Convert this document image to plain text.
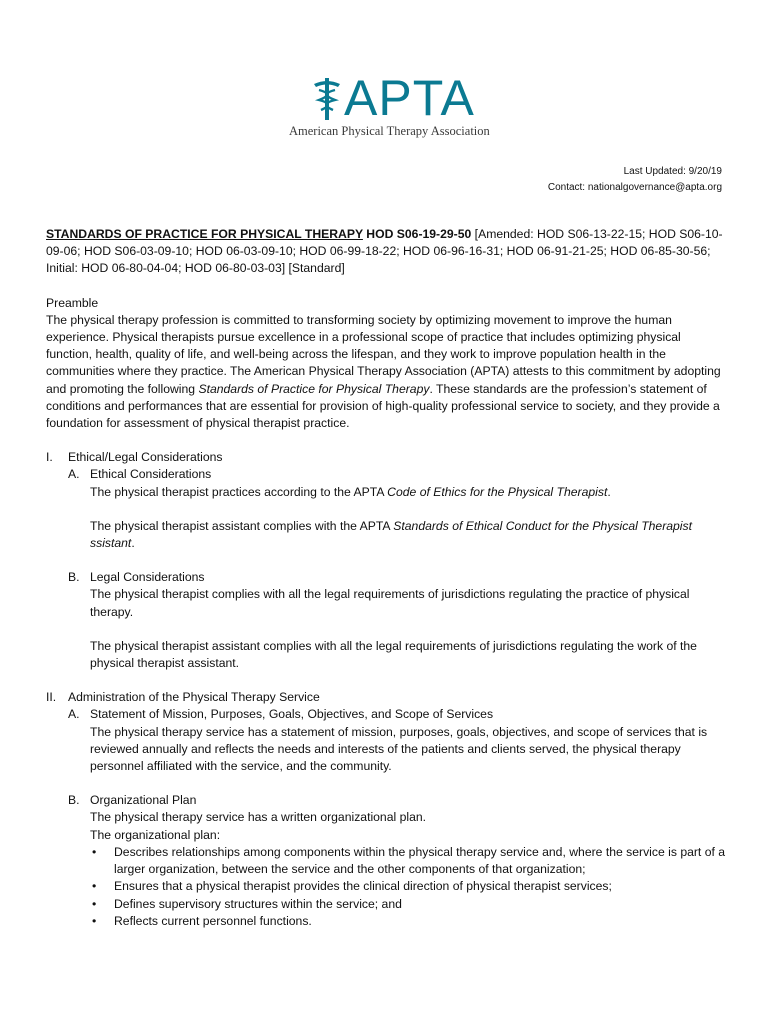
APTA
American Physical Therapy Association
Last Updated: 9/20/19
Contact: nationalgovernance@apta.org

STANDARDS OF PRACTICE FOR PHYSICAL THERAPY HOD S06-19-29-50 [Amended: HOD S06-13-22-15; HOD S06-10-09-06; HOD S06-03-09-10; HOD 06-03-09-10; HOD 06-99-18-22; HOD 06-96-16-31; HOD 06-91-21-25; HOD 06-85-30-56; Initial: HOD 06-80-04-04; HOD 06-80-03-03] [Standard]

Preamble

The physical therapy profession is committed to transforming society by optimizing movement to improve the human experience. Physical therapists pursue excellence in a professional scope of practice that includes optimizing physical function, health, quality of life, and well-being across the lifespan, and they work to improve population health in the communities where they practice. The American Physical Therapy Association (APTA) attests to this commitment by adopting and promoting the following Standards of Practice for Physical Therapy. These standards are the profession’s statement of conditions and performances that are essential for provision of high-quality professional service to society, and they provide a foundation for assessment of physical therapist practice.

I.	Ethical/Legal Considerations
A. Ethical Considerations

The physical therapist practices according to the APTA Code of Ethics for the Physical Therapist.

The physical therapist assistant complies with the APTA Standards of Ethical Conduct for the Physical Therapist ssistant.

B. Legal Considerations

The physical therapist complies with all the legal requirements of jurisdictions regulating the practice of physical therapy.

The physical therapist assistant complies with all the legal requirements of jurisdictions regulating the work of the physical therapist assistant.

II. Administration of the Physical Therapy Service
A. Statement of Mission, Purposes, Goals, Objectives, and Scope of Services

The physical therapy service has a statement of mission, purposes, goals, objectives, and scope of services that is reviewed annually and reflects the needs and interests of the patients and clients served, the physical therapy personnel affiliated with the service, and the community.

B. Organizational Plan

The physical therapy service has a written organizational plan.

The organizational plan:

• Describes relationships among components within the physical therapy service and, where the service is part of a larger organization, between the service and the other components of that organization;
• Ensures that a physical therapist provides the clinical direction of physical therapist services;
• Defines supervisory structures within the service; and
• Reflects current personnel functions.
